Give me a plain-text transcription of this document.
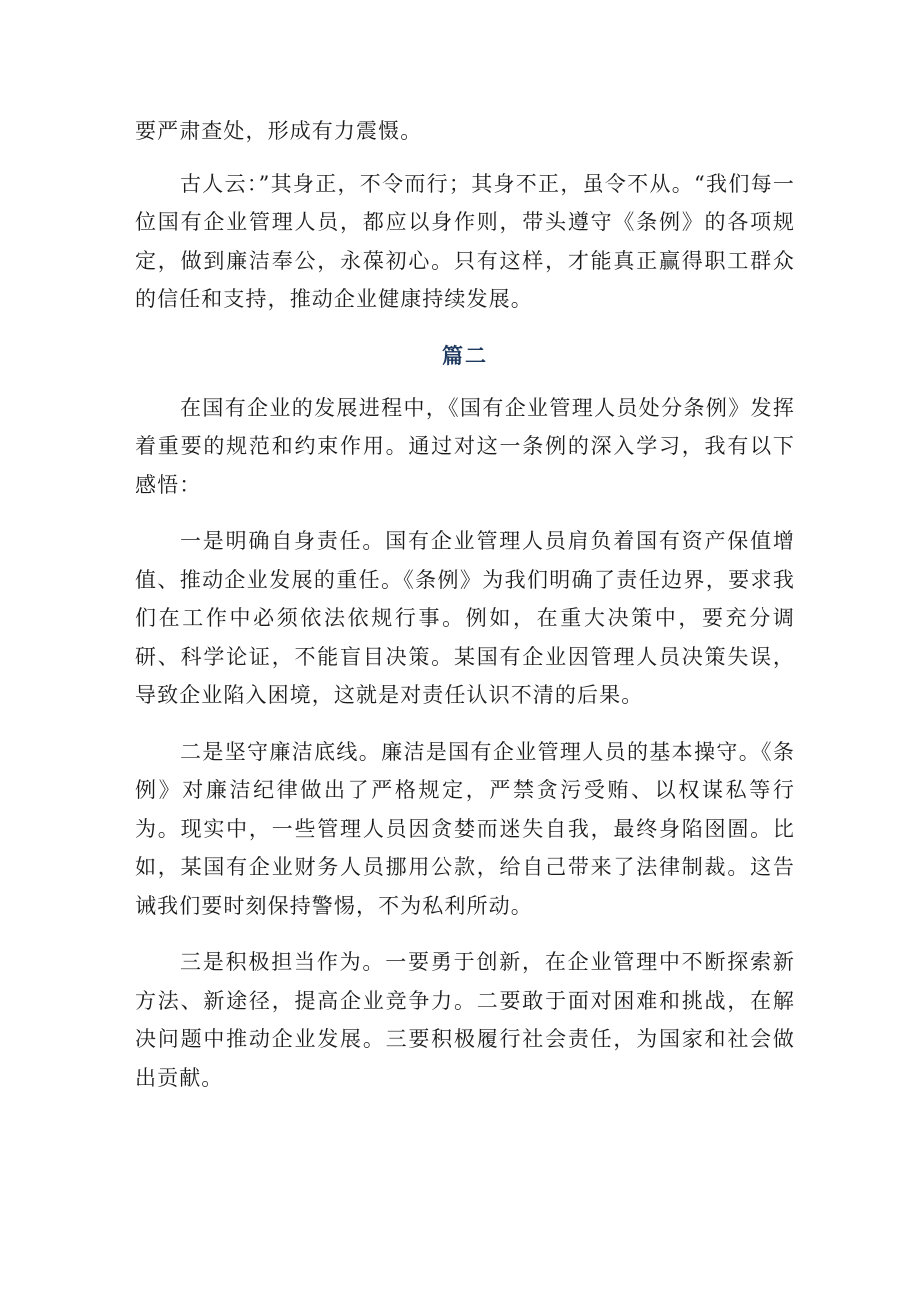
要严肃查处，形成有力震慑。

古人云：”其身正，不令而行；其身不正，虽令不从。“我们每一位国有企业管理人员，都应以身作则，带头遵守《条例》的各项规定，做到廉洁奉公，永葆初心。只有这样，才能真正赢得职工群众的信任和支持，推动企业健康持续发展。

篇二

在国有企业的发展进程中，《国有企业管理人员处分条例》发挥着重要的规范和约束作用。通过对这一条例的深入学习，我有以下感悟：

一是明确自身责任。国有企业管理人员肩负着国有资产保值增值、推动企业发展的重任。《条例》为我们明确了责任边界，要求我们在工作中必须依法依规行事。例如，在重大决策中，要充分调研、科学论证，不能盲目决策。某国有企业因管理人员决策失误，导致企业陷入困境，这就是对责任认识不清的后果。

二是坚守廉洁底线。廉洁是国有企业管理人员的基本操守。《条例》对廉洁纪律做出了严格规定，严禁贪污受贿、以权谋私等行为。现实中，一些管理人员因贪婪而迷失自我，最终身陷囹圄。比如，某国有企业财务人员挪用公款，给自己带来了法律制裁。这告诫我们要时刻保持警惕，不为私利所动。

三是积极担当作为。一要勇于创新，在企业管理中不断探索新方法、新途径，提高企业竞争力。二要敢于面对困难和挑战，在解决问题中推动企业发展。三要积极履行社会责任，为国家和社会做出贡献。
